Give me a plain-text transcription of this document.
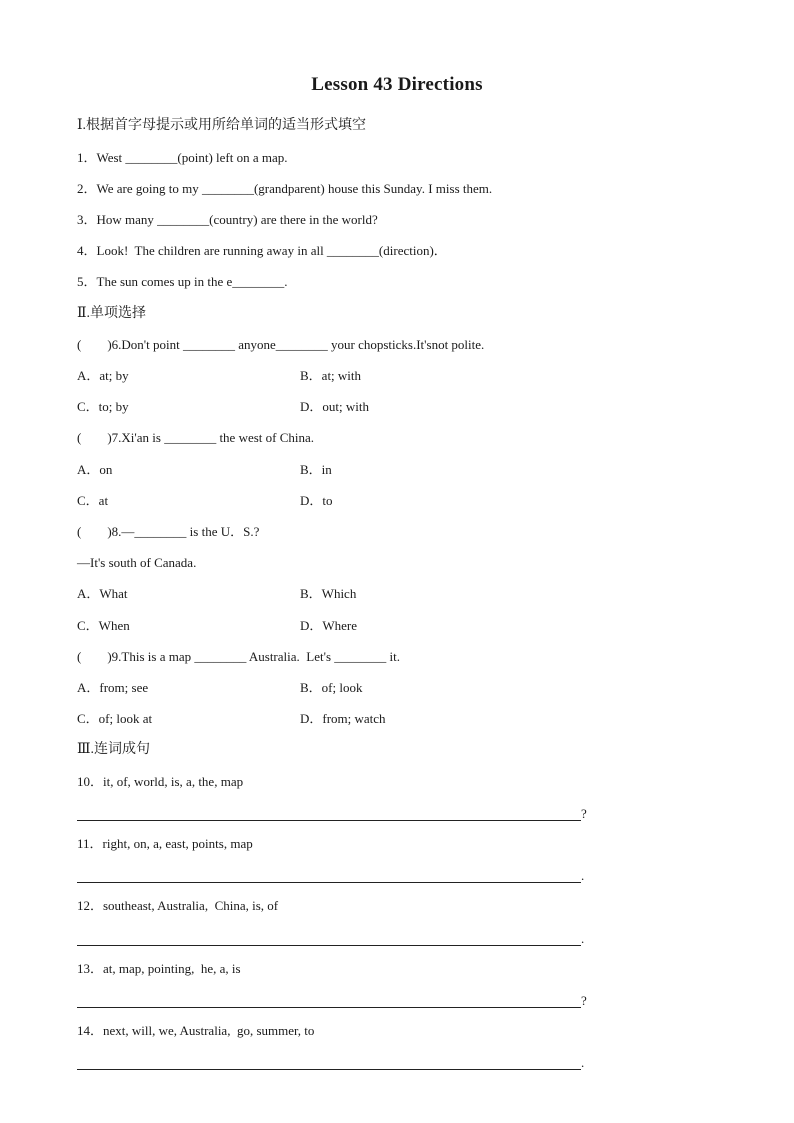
Lesson 43 Directions
Ⅰ.根据首字母提示或用所给单词的适当形式填空
1．West ________(point) left on a map.
2．We are going to my ________(grandparent) house this Sunday. I miss them.
3．How many ________(country) are there in the world?
4．Look!  The children are running away in all ________(direction)．
5．The sun comes up in the e________.
Ⅱ.单项选择
(        )6.Don't point ________ anyone________ your chopsticks.It'snot polite.
A．at; by	B．at; with
C．to; by	D．out; with
(        )7.Xi'an is ________ the west of China.
A．on	B．in
C．at	D．to
(        )8.—________ is the U．S.?
—It's south of Canada.
A．What	B．Which
C．When	D．Where
(        )9.This is a map ________ Australia.  Let's ________ it.
A．from; see	B．of; look
C．of; look at	D．from; watch
Ⅲ.连词成句
10．it, of, world, is, a, the, map
?
11．right, on, a, east, points, map
.
12．southeast, Australia,  China, is, of
.
13．at, map, pointing,  he, a, is
?
14．next, will, we, Australia,  go, summer, to
.
